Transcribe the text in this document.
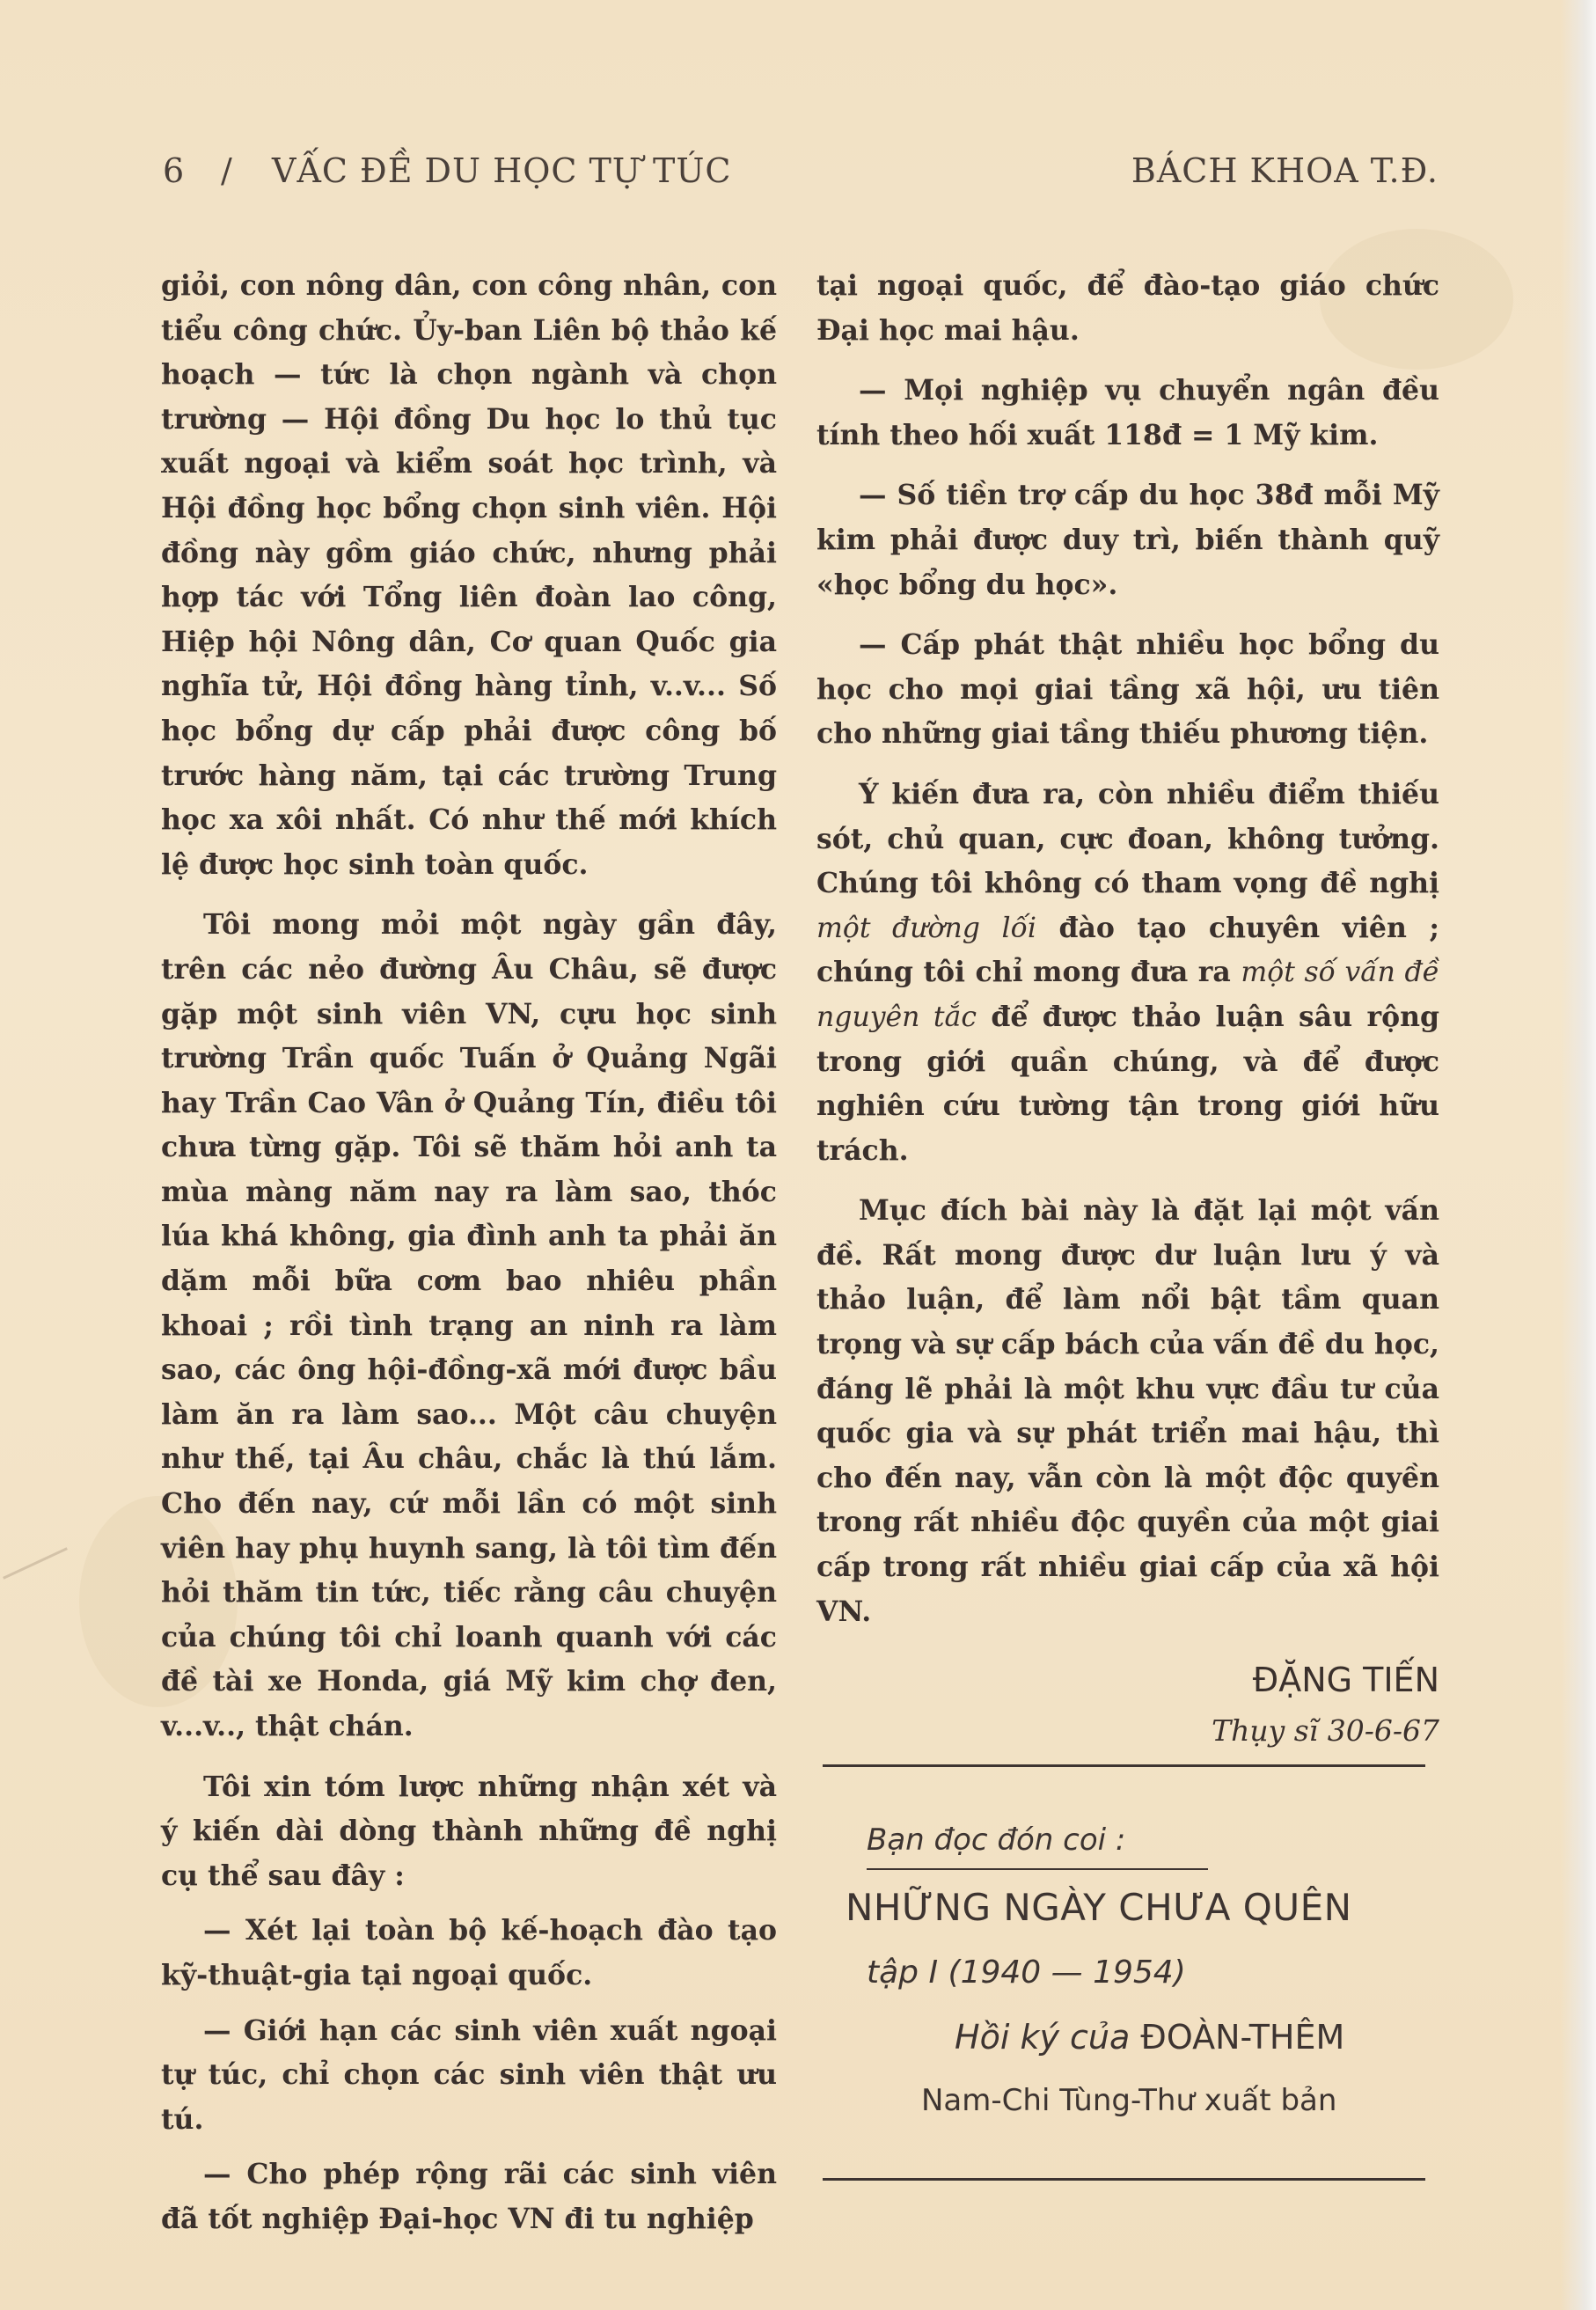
6 / VẤC ĐỀ DU HỌC TỰ TÚC	BÁCH KHOA T.Đ.

giỏi, con nông dân, con công nhân, con tiểu công chức. Ủy-ban Liên bộ thảo kế hoạch — tức là chọn ngành và chọn trường — Hội đồng Du học lo thủ tục xuất ngoại và kiểm soát học trình, và Hội đồng học bổng chọn sinh viên. Hội đồng này gồm giáo chức, nhưng phải hợp tác với Tổng liên đoàn lao công, Hiệp hội Nông dân, Cơ quan Quốc gia nghĩa tử, Hội đồng hàng tỉnh, v..v... Số học bổng dự cấp phải được công bố trước hàng năm, tại các trường Trung học xa xôi nhất. Có như thế mới khích lệ được học sinh toàn quốc.

Tôi mong mỏi một ngày gần đây, trên các nẻo đường Âu Châu, sẽ được gặp một sinh viên VN, cựu học sinh trường Trần quốc Tuấn ở Quảng Ngãi hay Trần Cao Vân ở Quảng Tín, điều tôi chưa từng gặp. Tôi sẽ thăm hỏi anh ta mùa màng năm nay ra làm sao, thóc lúa khá không, gia đình anh ta phải ăn dặm mỗi bữa cơm bao nhiêu phần khoai ; rồi tình trạng an ninh ra làm sao, các ông hội-đồng-xã mới được bầu làm ăn ra làm sao... Một câu chuyện như thế, tại Âu châu, chắc là thú lắm. Cho đến nay, cứ mỗi lần có một sinh viên hay phụ huynh sang, là tôi tìm đến hỏi thăm tin tức, tiếc rằng câu chuyện của chúng tôi chỉ loanh quanh với các đề tài xe Honda, giá Mỹ kim chợ đen, v...v.., thật chán.

Tôi xin tóm lược những nhận xét và ý kiến dài dòng thành những đề nghị cụ thể sau đây :

— Xét lại toàn bộ kế-hoạch đào tạo kỹ-thuật-gia tại ngoại quốc.

— Giới hạn các sinh viên xuất ngoại tự túc, chỉ chọn các sinh viên thật ưu tú.

— Cho phép rộng rãi các sinh viên đã tốt nghiệp Đại-học VN đi tu nghiệp

tại ngoại quốc, để đào-tạo giáo chức Đại học mai hậu.

— Mọi nghiệp vụ chuyển ngân đều tính theo hối xuất 118đ = 1 Mỹ kim.

— Số tiền trợ cấp du học 38đ mỗi Mỹ kim phải được duy trì, biến thành quỹ «học bổng du học».

— Cấp phát thật nhiều học bổng du học cho mọi giai tầng xã hội, ưu tiên cho những giai tầng thiếu phương tiện.

Ý kiến đưa ra, còn nhiều điểm thiếu sót, chủ quan, cực đoan, không tưởng. Chúng tôi không có tham vọng đề nghị một đường lối đào tạo chuyên viên ; chúng tôi chỉ mong đưa ra một số vấn đề nguyên tắc để được thảo luận sâu rộng trong giới quần chúng, và để được nghiên cứu tường tận trong giới hữu trách.

Mục đích bài này là đặt lại một vấn đề. Rất mong được dư luận lưu ý và thảo luận, để làm nổi bật tầm quan trọng và sự cấp bách của vấn đề du học, đáng lẽ phải là một khu vực đầu tư của quốc gia và sự phát triển mai hậu, thì cho đến nay, vẫn còn là một độc quyền trong rất nhiều độc quyền của một giai cấp trong rất nhiều giai cấp của xã hội VN.

ĐẶNG TIẾN
Thụy sĩ 30-6-67
Bạn đọc đón coi :
NHỮNG NGÀY CHƯA QUÊN
tập I (1940 — 1954)
Hồi ký của ĐOÀN-THÊM
Nam-Chi Tùng-Thư xuất bản
